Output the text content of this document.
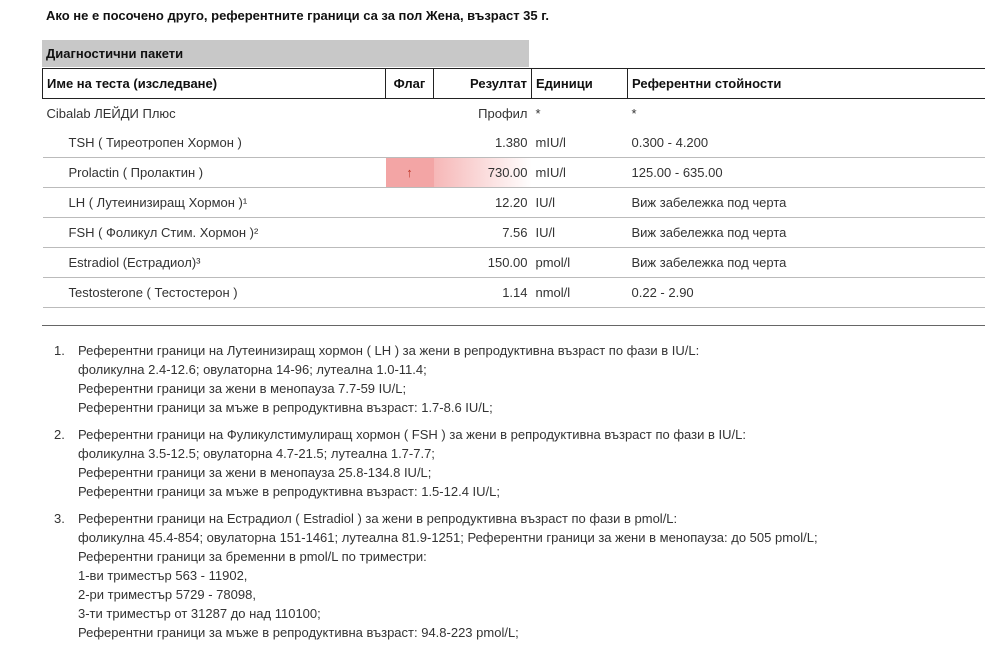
Ако не е посочено друго, референтните граници са за пол Жена, възраст 35 г.
Диагностични пакети
Име на теста (изследване)	Флаг	Резултат	Единици	Референтни стойности
Cibalab ЛЕЙДИ Плюс		Профил	*	*
TSH ( Тиреотропен Хормон )		1.380	mIU/l	0.300 - 4.200
Prolactin ( Пролактин )	↑	730.00	mIU/l	125.00 - 635.00
LH ( Лутеинизиращ Хормон )¹		12.20	IU/l	Виж забележка под черта
FSH ( Фоликул Стим. Хормон )²		7.56	IU/l	Виж забележка под черта
Estradiol (Естрадиол)³		150.00	pmol/l	Виж забележка под черта
Testosterone ( Тестостерон )		1.14	nmol/l	0.22 - 2.90
1.	Референтни граници на Лутеинизиращ хормон ( LH ) за жени в репродуктивна възраст по фази в IU/L:
фоликулна 2.4-12.6; овулаторна 14-96; лутеална 1.0-11.4;
Референтни граници за жени в менопауза 7.7-59 IU/L;
Референтни граници за мъже в репродуктивна възраст: 1.7-8.6 IU/L;
2.	Референтни граници на Фуликулстимулиращ хормон ( FSH ) за жени в репродуктивна възраст по фази в IU/L:
фоликулна 3.5-12.5; овулаторна 4.7-21.5; лутеална 1.7-7.7;
Референтни граници за жени в менопауза 25.8-134.8 IU/L;
Референтни граници за мъже в репродуктивна възраст: 1.5-12.4 IU/L;
3.	Референтни граници на Естрадиол ( Estradiol ) за жени в репродуктивна възраст по фази в pmol/L:
фоликулна 45.4-854; овулаторна 151-1461; лутеална 81.9-1251; Референтни граници за жени в менопауза: до 505 pmol/L;
Референтни граници за бременни в pmol/L по триместри:
1-ви триместър 563 - 11902,
2-ри триместър 5729 - 78098,
3-ти триместър от 31287 до над 110100;
Референтни граници за мъже в репродуктивна възраст: 94.8-223 pmol/L;
